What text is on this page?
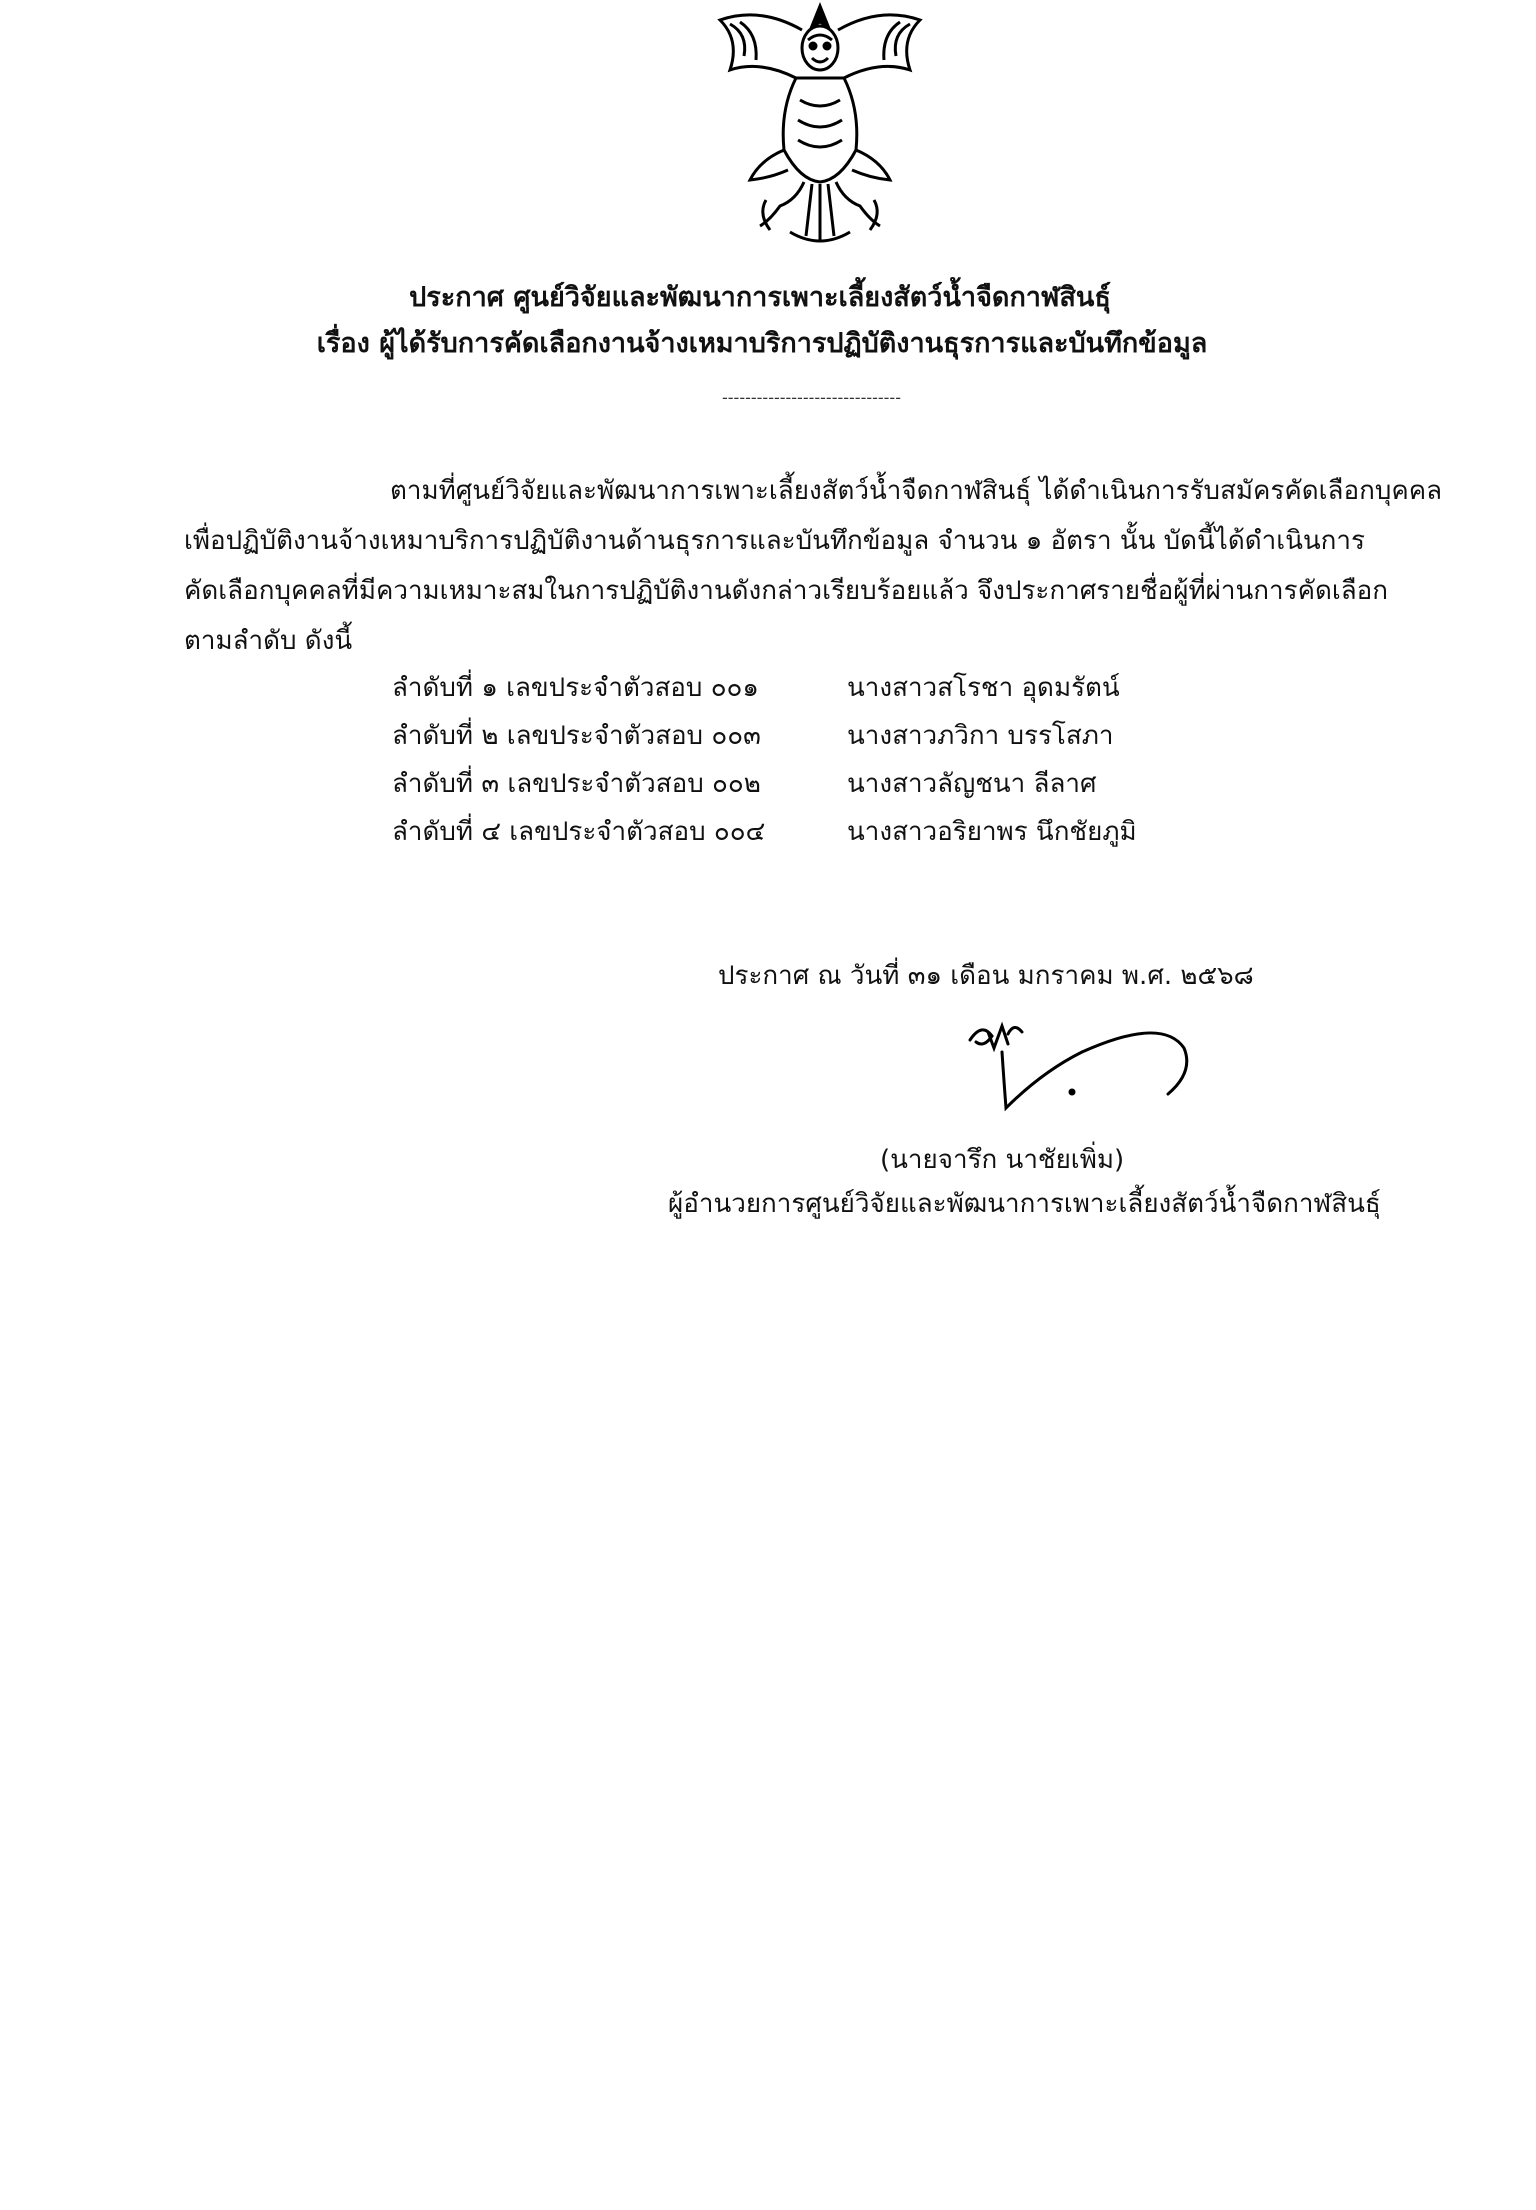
ประกาศ ศูนย์วิจัยและพัฒนาการเพาะเลี้ยงสัตว์น้ำจืดกาฬสินธุ์
เรื่อง ผู้ได้รับการคัดเลือกงานจ้างเหมาบริการปฏิบัติงานธุรการและบันทึกข้อมูล
-------------------------------
ตามที่ศูนย์วิจัยและพัฒนาการเพาะเลี้ยงสัตว์น้ำจืดกาฬสินธุ์ ได้ดำเนินการรับสมัครคัดเลือกบุคคล
เพื่อปฏิบัติงานจ้างเหมาบริการปฏิบัติงานด้านธุรการและบันทึกข้อมูล จำนวน ๑ อัตรา นั้น บัดนี้ได้ดำเนินการ
คัดเลือกบุคคลที่มีความเหมาะสมในการปฏิบัติงานดังกล่าวเรียบร้อยแล้ว จึงประกาศรายชื่อผู้ที่ผ่านการคัดเลือก
ตามลำดับ ดังนี้
ลำดับที่ ๑ เลขประจำตัวสอบ ๐๐๑	นางสาวสโรชา อุดมรัตน์
ลำดับที่ ๒ เลขประจำตัวสอบ ๐๐๓	นางสาวภวิกา บรรโสภา
ลำดับที่ ๓ เลขประจำตัวสอบ ๐๐๒	นางสาวลัญชนา ลีลาศ
ลำดับที่ ๔ เลขประจำตัวสอบ ๐๐๔	นางสาวอริยาพร นึกชัยภูมิ
ประกาศ ณ วันที่ ๓๑ เดือน มกราคม พ.ศ. ๒๕๖๘
(นายจารึก นาชัยเพิ่ม)
ผู้อำนวยการศูนย์วิจัยและพัฒนาการเพาะเลี้ยงสัตว์น้ำจืดกาฬสินธุ์
